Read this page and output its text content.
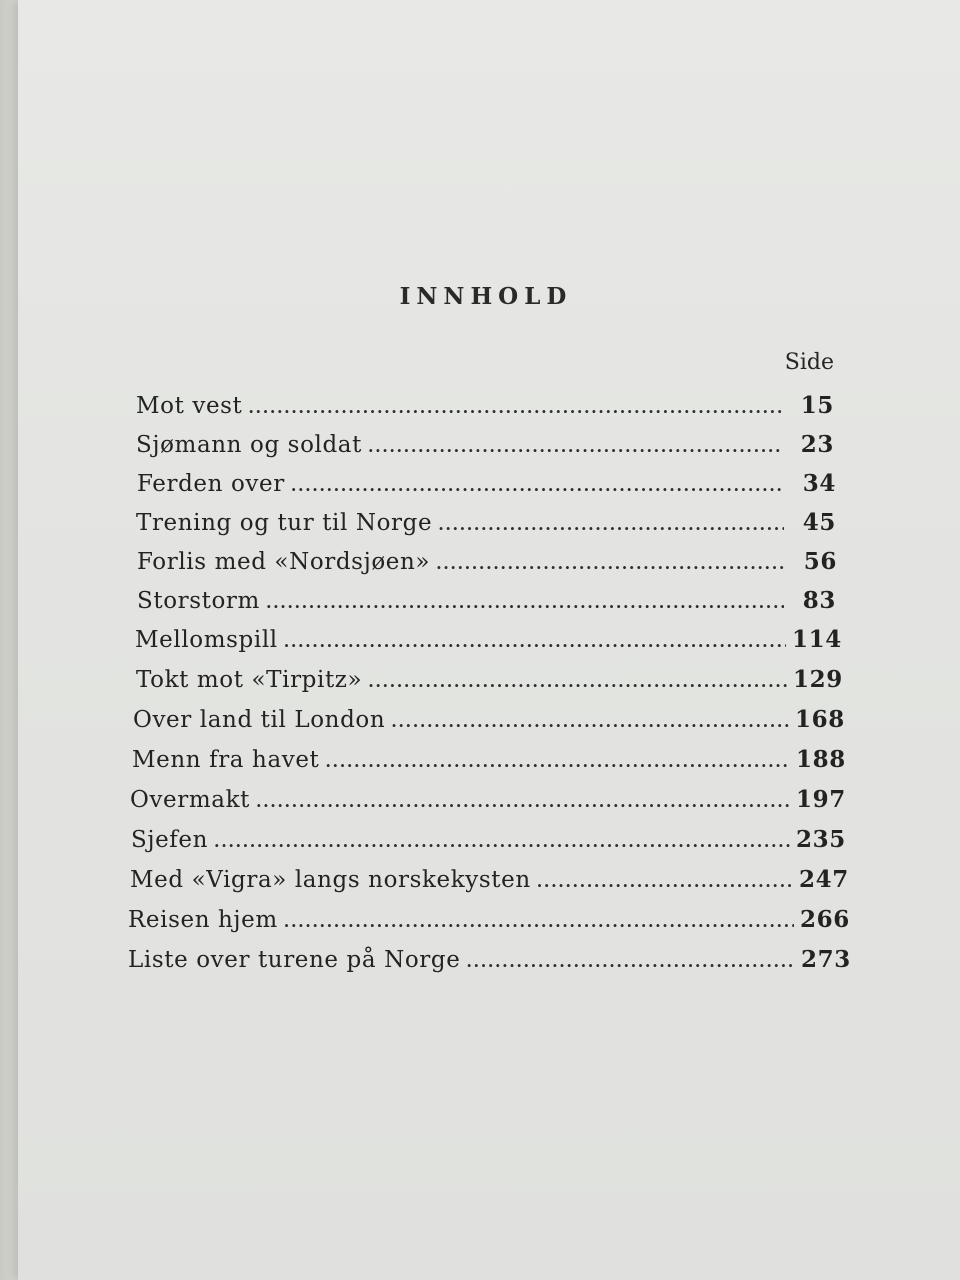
INNHOLD
Side
Mot vest . . .	15
Sjømann og soldat . . .	23
Ferden over . . .	34
Trening og tur til Norge . . .	45
Forlis med «Nordsjøen» . . .	56
Storstorm . . .	83
Mellomspill . . .	114
Tokt mot «Tirpitz» . . .	129
Over land til London . . .	168
Menn fra havet . . .	188
Overmakt . . .	197
Sjefen . . .	235
Med «Vigra» langs norskekysten . . .	247
Reisen hjem . . .	266
Liste over turene på Norge . . .	273
